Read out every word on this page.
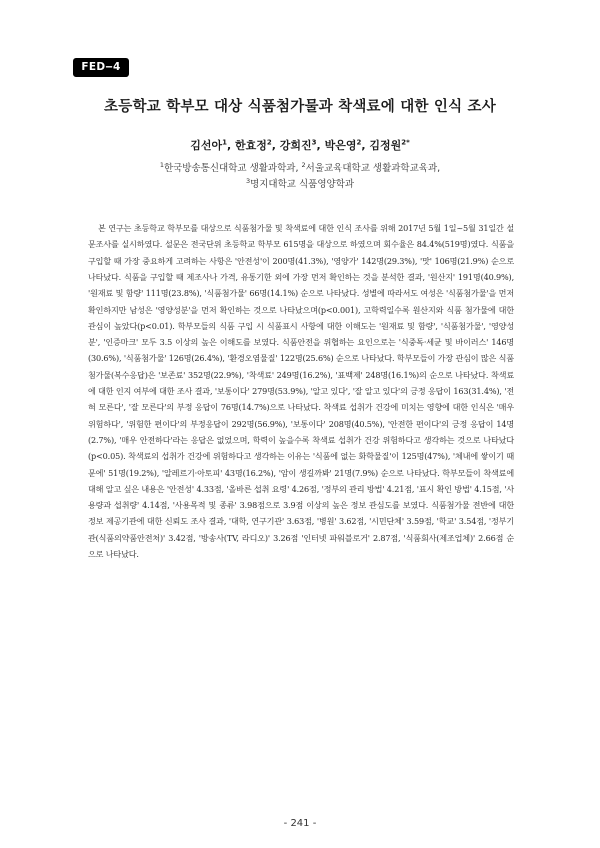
FED‒4
초등학교 학부모 대상 식품첨가물과 착색료에 대한 인식 조사
김선아$^1$, 한효정$^2$, 강희진$^3$, 박은영$^2$, 김정원$^{2*}$
$^1$한국방송통신대학교 생활과학과, $^2$서울교육대학교 생활과학교육과,
$^3$명지대학교 식품영양학과

본 연구는 초등학교 학부모를 대상으로 식품첨가물 및 착색료에 대한 인식 조사를 위해 2017년 5월 1일~5월 31일간 설문조사를 실시하였다. 설문은 전국단위 초등학교 학부모 615명을 대상으로 하였으며 회수율은 84.4%(519명)였다. 식품을 구입할 때 가장 중요하게 고려하는 사항은 '안전성'이 200명(41.3%), '영양가' 142명(29.3%), '맛' 106명(21.9%) 순으로 나타났다. 식품을 구입할 때 제조사나 가격, 유통기한 외에 가장 먼저 확인하는 것을 분석한 결과, '원산지' 191명(40.9%), '원재료 및 함량' 111명(23.8%), '식품첨가물' 66명(14.1%) 순으로 나타났다. 성별에 따라서도 여성은 '식품첨가물'을 먼저 확인하지만 남성은 '영양성분'을 먼저 확인하는 것으로 나타났으며(p<0.001), 고학력일수록 원산지와 식품 첨가물에 대한 관심이 높았다(p<0.01). 학부모들의 식품 구입 시 식품표시 사항에 대한 이해도는 '원재료 및 함량', '식품첨가물', '영양성분', '인증마크' 모두 3.5 이상의 높은 이해도를 보였다. 식품안전을 위협하는 요인으로는 '식중독·세균 및 바이러스' 146명(30.6%), '식품첨가물' 126명(26.4%), '환경오염물질' 122명(25.6%) 순으로 나타났다. 학부모들이 가장 관심이 많은 식품첨가물(복수응답)은 '보존료' 352명(22.9%), '착색료' 249명(16.2%), '표백제' 248명(16.1%)의 순으로 나타났다. 착색료에 대한 인지 여부에 대한 조사 결과, '보통이다' 279명(53.9%), '알고 있다', '잘 알고 있다'의 긍정 응답이 163(31.4%), '전혀 모른다', '잘 모른다'의 부정 응답이 76명(14.7%)으로 나타났다. 착색료 섭취가 건강에 미치는 영향에 대한 인식은 '매우 위험하다', '위험한 편이다'의 부정응답이 292명(56.9%), '보통이다' 208명(40.5%), '안전한 편이다'의 긍정 응답이 14명(2.7%), '매우 안전하다'라는 응답은 없었으며, 학력이 높을수록 착색료 섭취가 건강 위험하다고 생각하는 것으로 나타났다(p<0.05). 착색료의 섭취가 건강에 위험하다고 생각하는 이유는 '식품에 없는 화학물질'이 125명(47%), '체내에 쌓이기 때문에' 51명(19.2%), '알레르기·아토피' 43명(16.2%), '암이 생길까봐' 21명(7.9%) 순으로 나타났다. 학부모들이 착색료에 대해 알고 싶은 내용은 '안전성' 4.33점, '올바른 섭취 요령' 4.26점, '정부의 관리 방법' 4.21점, '표시 확인 방법' 4.15점, '사용량과 섭취량' 4.14점, '사용목적 및 종류' 3.98점으로 3.9점 이상의 높은 정보 관심도를 보였다. 식품첨가물 전반에 대한 정보 제공기관에 대한 신뢰도 조사 결과, '대학, 연구기관' 3.63점, '병원' 3.62점, '시민단체' 3.59점, '학교' 3.54점, '정부기관(식품의약품안전처)' 3.42점, '방송사(TV, 라디오)' 3.26점 '인터넷 파워블로거' 2.87점, '식품회사(제조업체)' 2.66점 순으로 나타났다.

- 241 -
